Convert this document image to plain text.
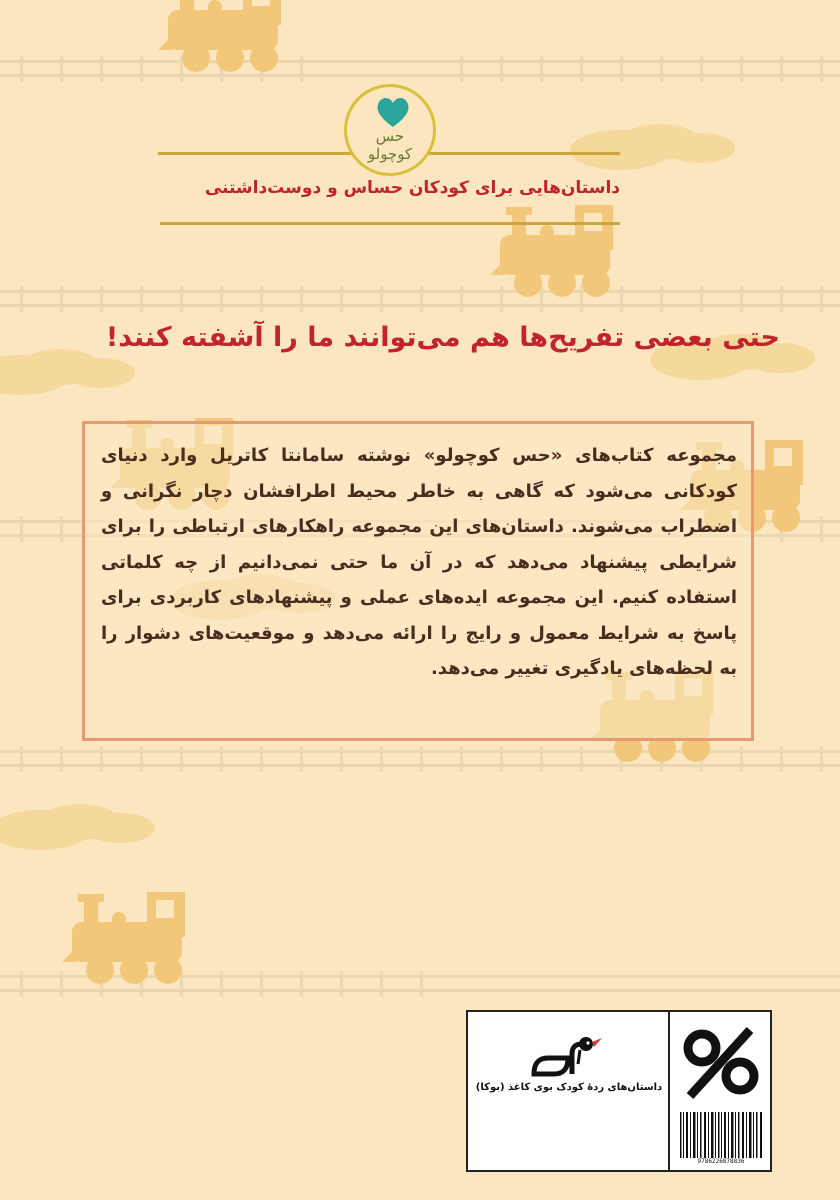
حس
کوچولو
داستان‌هایی برای کودکان حساس و دوست‌داشتنی
حتی بعضی تفریح‌ها هم می‌توانند ما را آشفته کنند!
مجموعه کتاب‌های «حس کوچولو» نوشته سامانتا کاتریل وارد دنیای کودکانی می‌شود که گاهی به خاطر محیط اطرافشان دچار نگرانی و اضطراب می‌شوند. داستان‌های این مجموعه راهکارهای ارتباطی را برای شرایطی پیشنهاد می‌دهد که در آن ما حتی نمی‌دانیم از چه کلماتی استفاده کنیم. این مجموعه ایده‌های عملی و پیشنهادهای کاربردی برای پاسخ به شرایط معمول و رایج را ارائه می‌دهد و موقعیت‌های دشوار را به لحظه‌های یادگیری تغییر می‌دهد.
داستان‌های ردهٔ کودک بوی کاغذ (بوکا)
9786226878836
